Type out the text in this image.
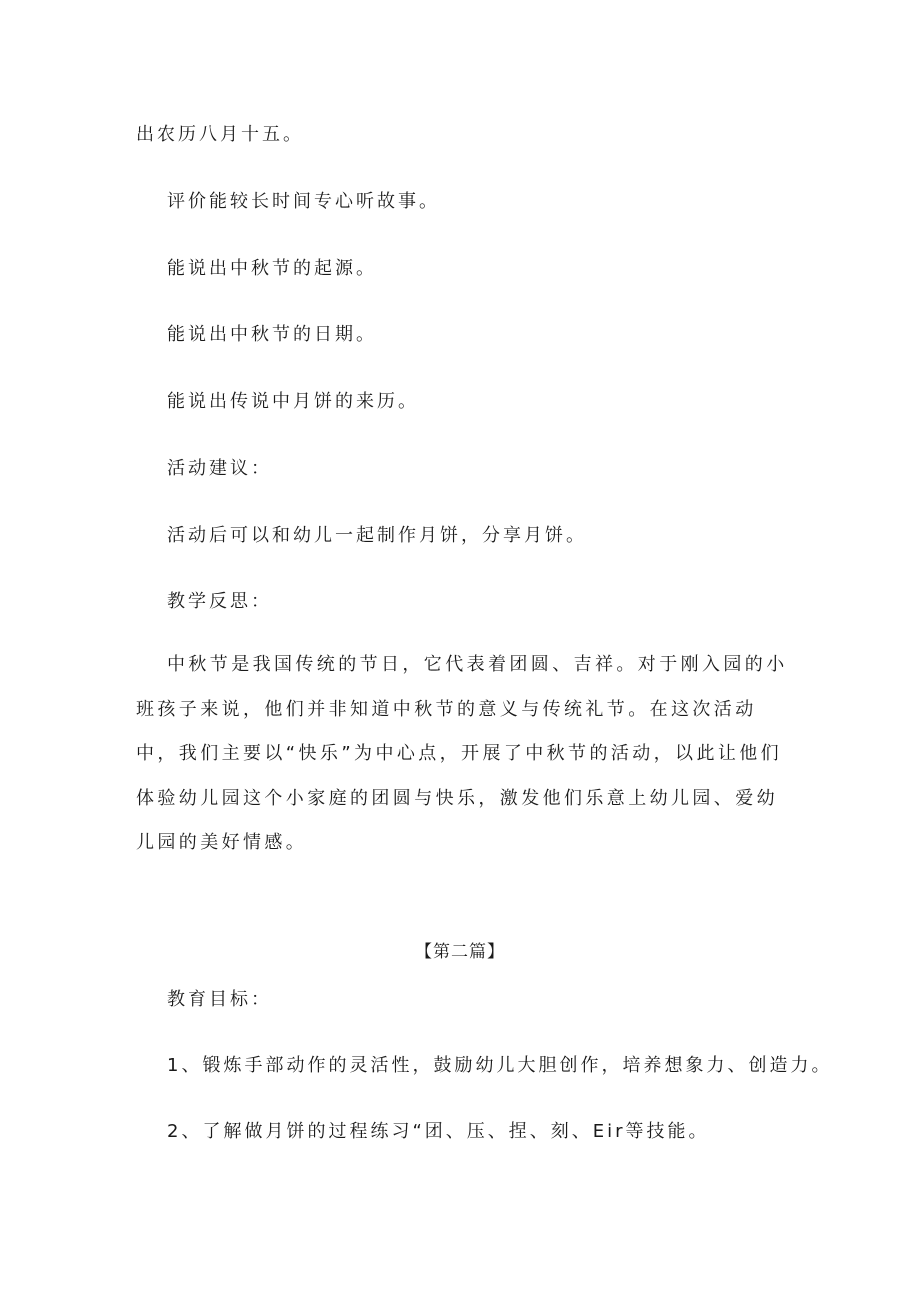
出农历八月十五。
评价能较长时间专心听故事。
能说出中秋节的起源。
能说出中秋节的日期。
能说出传说中月饼的来历。
活动建议：
活动后可以和幼儿一起制作月饼，分享月饼。
教学反思：
中秋节是我国传统的节日，它代表着团圆、吉祥。对于刚入园的小班孩子来说，他们并非知道中秋节的意义与传统礼节。在这次活动中，我们主要以“快乐”为中心点，开展了中秋节的活动，以此让他们体验幼儿园这个小家庭的团圆与快乐，激发他们乐意上幼儿园、爱幼儿园的美好情感。
【第二篇】
教育目标：
1、锻炼手部动作的灵活性，鼓励幼儿大胆创作，培养想象力、创造力。
2、了解做月饼的过程练习“团、压、捏、刻、Eir等技能。
